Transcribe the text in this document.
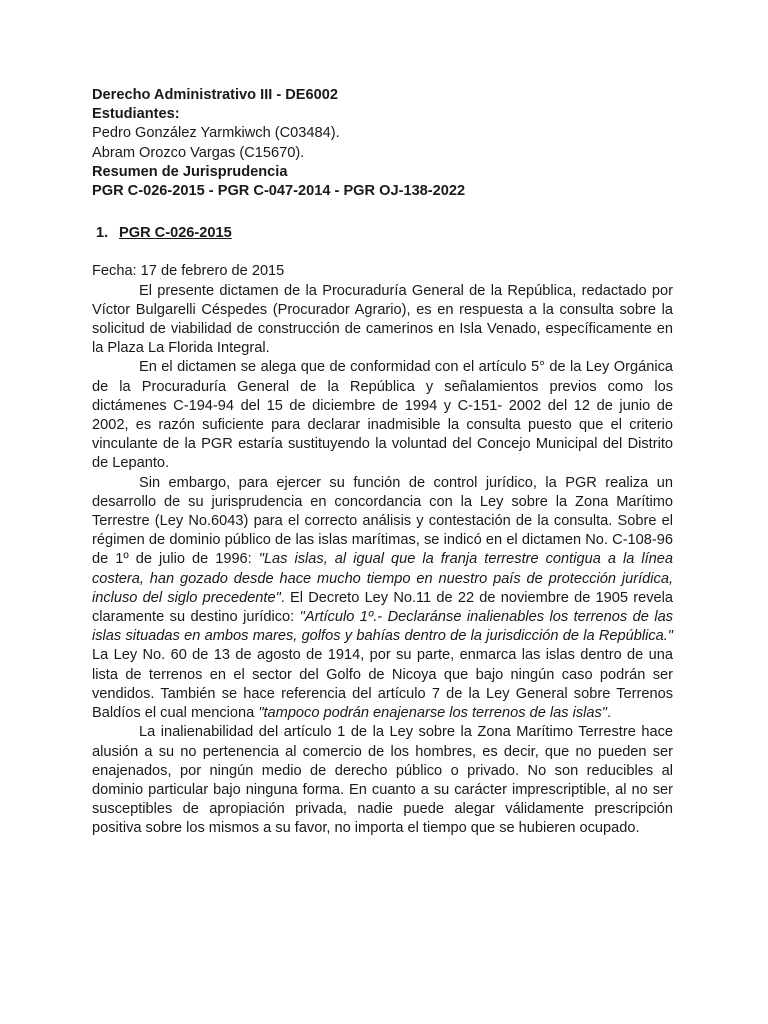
Derecho Administrativo III - DE6002

Estudiantes:

Pedro González Yarmkiwch (C03484).

Abram Orozco Vargas (C15670).

Resumen de Jurisprudencia

PGR C-026-2015 - PGR C-047-2014 - PGR OJ-138-2022

1. PGR C-026-2015

Fecha: 17 de febrero de 2015

El presente dictamen de la Procuraduría General de la República, redactado por Víctor Bulgarelli Céspedes (Procurador Agrario), es en respuesta a la consulta sobre la solicitud de viabilidad de construcción de camerinos en Isla Venado, específicamente en la Plaza La Florida Integral.

En el dictamen se alega que de conformidad con el artículo 5° de la Ley Orgánica de la Procuraduría General de la República y señalamientos previos como los dictámenes C-194-94 del 15 de diciembre de 1994 y C-151- 2002 del 12 de junio de 2002, es razón suficiente para declarar inadmisible la consulta puesto que el criterio vinculante de la PGR estaría sustituyendo la voluntad del Concejo Municipal del Distrito de Lepanto.

Sin embargo, para ejercer su función de control jurídico, la PGR realiza un desarrollo de su jurisprudencia en concordancia con la Ley sobre la Zona Marítimo Terrestre (Ley No.6043) para el correcto análisis y contestación de la consulta. Sobre el régimen de dominio público de las islas marítimas, se indicó en el dictamen No. C-108-96 de 1º de julio de 1996: "Las islas, al igual que la franja terrestre contigua a la línea costera, han gozado desde hace mucho tiempo en nuestro país de protección jurídica, incluso del siglo precedente". El Decreto Ley No.11 de 22 de noviembre de 1905 revela claramente su destino jurídico: "Artículo 1º.- Declaránse inalienables los terrenos de las islas situadas en ambos mares, golfos y bahías dentro de la jurisdicción de la República." La Ley No. 60 de 13 de agosto de 1914, por su parte, enmarca las islas dentro de una lista de terrenos en el sector del Golfo de Nicoya que bajo ningún caso podrán ser vendidos. También se hace referencia del artículo 7 de la Ley General sobre Terrenos Baldíos el cual menciona "tampoco podrán enajenarse los terrenos de las islas".

La inalienabilidad del artículo 1 de la Ley sobre la Zona Marítimo Terrestre hace alusión a su no pertenencia al comercio de los hombres, es decir, que no pueden ser enajenados, por ningún medio de derecho público o privado. No son reducibles al dominio particular bajo ninguna forma. En cuanto a su carácter imprescriptible, al no ser susceptibles de apropiación privada, nadie puede alegar válidamente prescripción positiva sobre los mismos a su favor, no importa el tiempo que se hubieren ocupado.
